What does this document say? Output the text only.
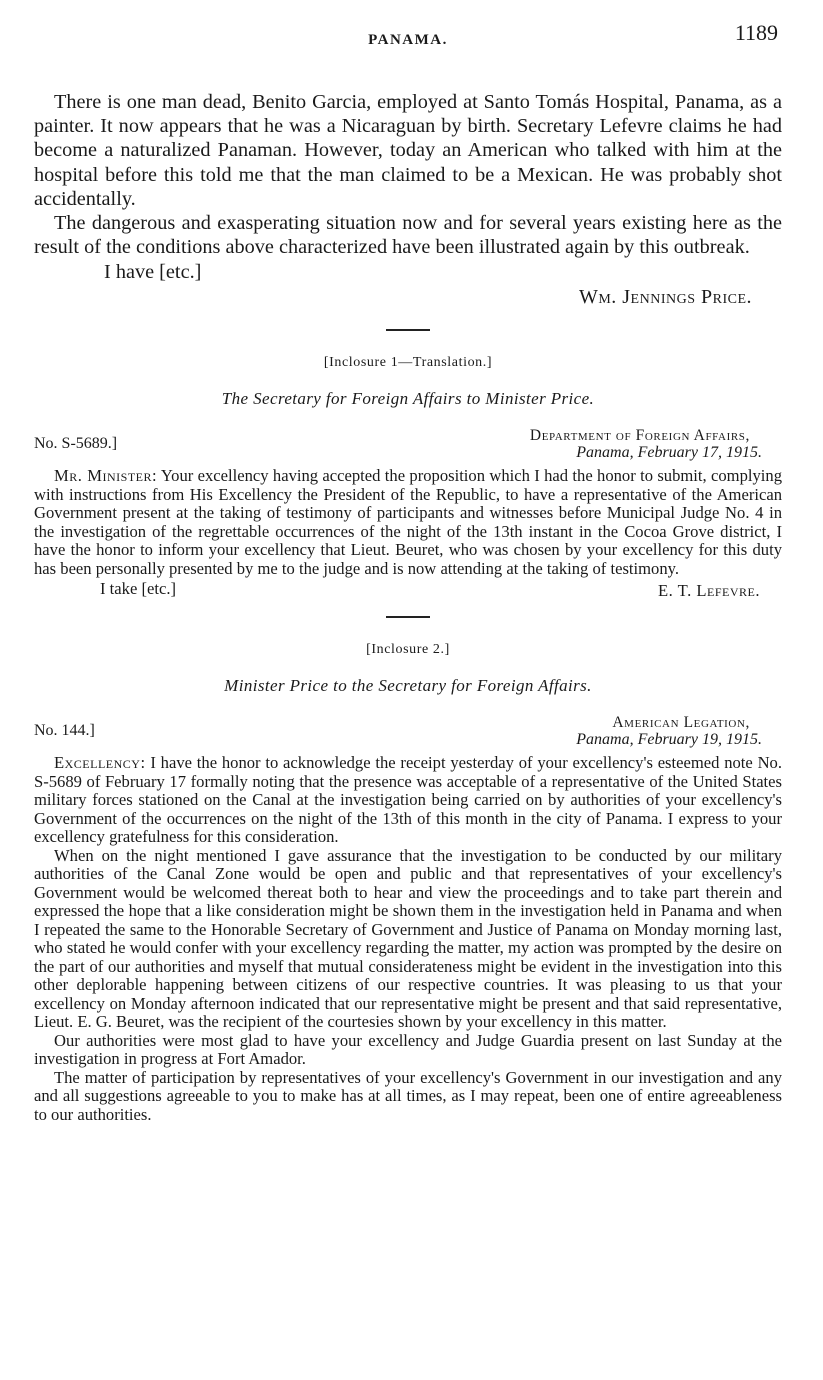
PANAMA.	1189

There is one man dead, Benito Garcia, employed at Santo Tomás Hospital, Panama, as a painter. It now appears that he was a Nicaraguan by birth. Secretary Lefevre claims he had become a naturalized Panaman. However, today an American who talked with him at the hospital before this told me that the man claimed to be a Mexican. He was probably shot accidentally.

The dangerous and exasperating situation now and for several years existing here as the result of the conditions above characterized have been illustrated again by this outbreak.

I have [etc.]
Wm. Jennings Price.
[Inclosure 1—Translation.]
The Secretary for Foreign Affairs to Minister Price.
No. S-5689.]	Department of Foreign Affairs,
Panama, February 17, 1915.

Mr. Minister: Your excellency having accepted the proposition which I had the honor to submit, complying with instructions from His Excellency the President of the Republic, to have a representative of the American Government present at the taking of testimony of participants and witnesses before Municipal Judge No. 4 in the investigation of the regrettable occurrences of the night of the 13th instant in the Cocoa Grove district, I have the honor to inform your excellency that Lieut. Beuret, who was chosen by your excellency for this duty has been personally presented by me to the judge and is now attending at the taking of testimony.

I take [etc.]	E. T. Lefevre.
[Inclosure 2.]
Minister Price to the Secretary for Foreign Affairs.
No. 144.]	American Legation,
Panama, February 19, 1915.

Excellency: I have the honor to acknowledge the receipt yesterday of your excellency's esteemed note No. S-5689 of February 17 formally noting that the presence was acceptable of a representative of the United States military forces stationed on the Canal at the investigation being carried on by authorities of your excellency's Government of the occurrences on the night of the 13th of this month in the city of Panama. I express to your excellency gratefulness for this consideration.

When on the night mentioned I gave assurance that the investigation to be conducted by our military authorities of the Canal Zone would be open and public and that representatives of your excellency's Government would be welcomed thereat both to hear and view the proceedings and to take part therein and expressed the hope that a like consideration might be shown them in the investigation held in Panama and when I repeated the same to the Honorable Secretary of Government and Justice of Panama on Monday morning last, who stated he would confer with your excellency regarding the matter, my action was prompted by the desire on the part of our authorities and myself that mutual considerateness might be evident in the investigation into this other deplorable happening between citizens of our respective countries. It was pleasing to us that your excellency on Monday afternoon indicated that our representative might be present and that said representative, Lieut. E. G. Beuret, was the recipient of the courtesies shown by your excellency in this matter.

Our authorities were most glad to have your excellency and Judge Guardia present on last Sunday at the investigation in progress at Fort Amador.

The matter of participation by representatives of your excellency's Government in our investigation and any and all suggestions agreeable to you to make has at all times, as I may repeat, been one of entire agreeableness to our authorities.
